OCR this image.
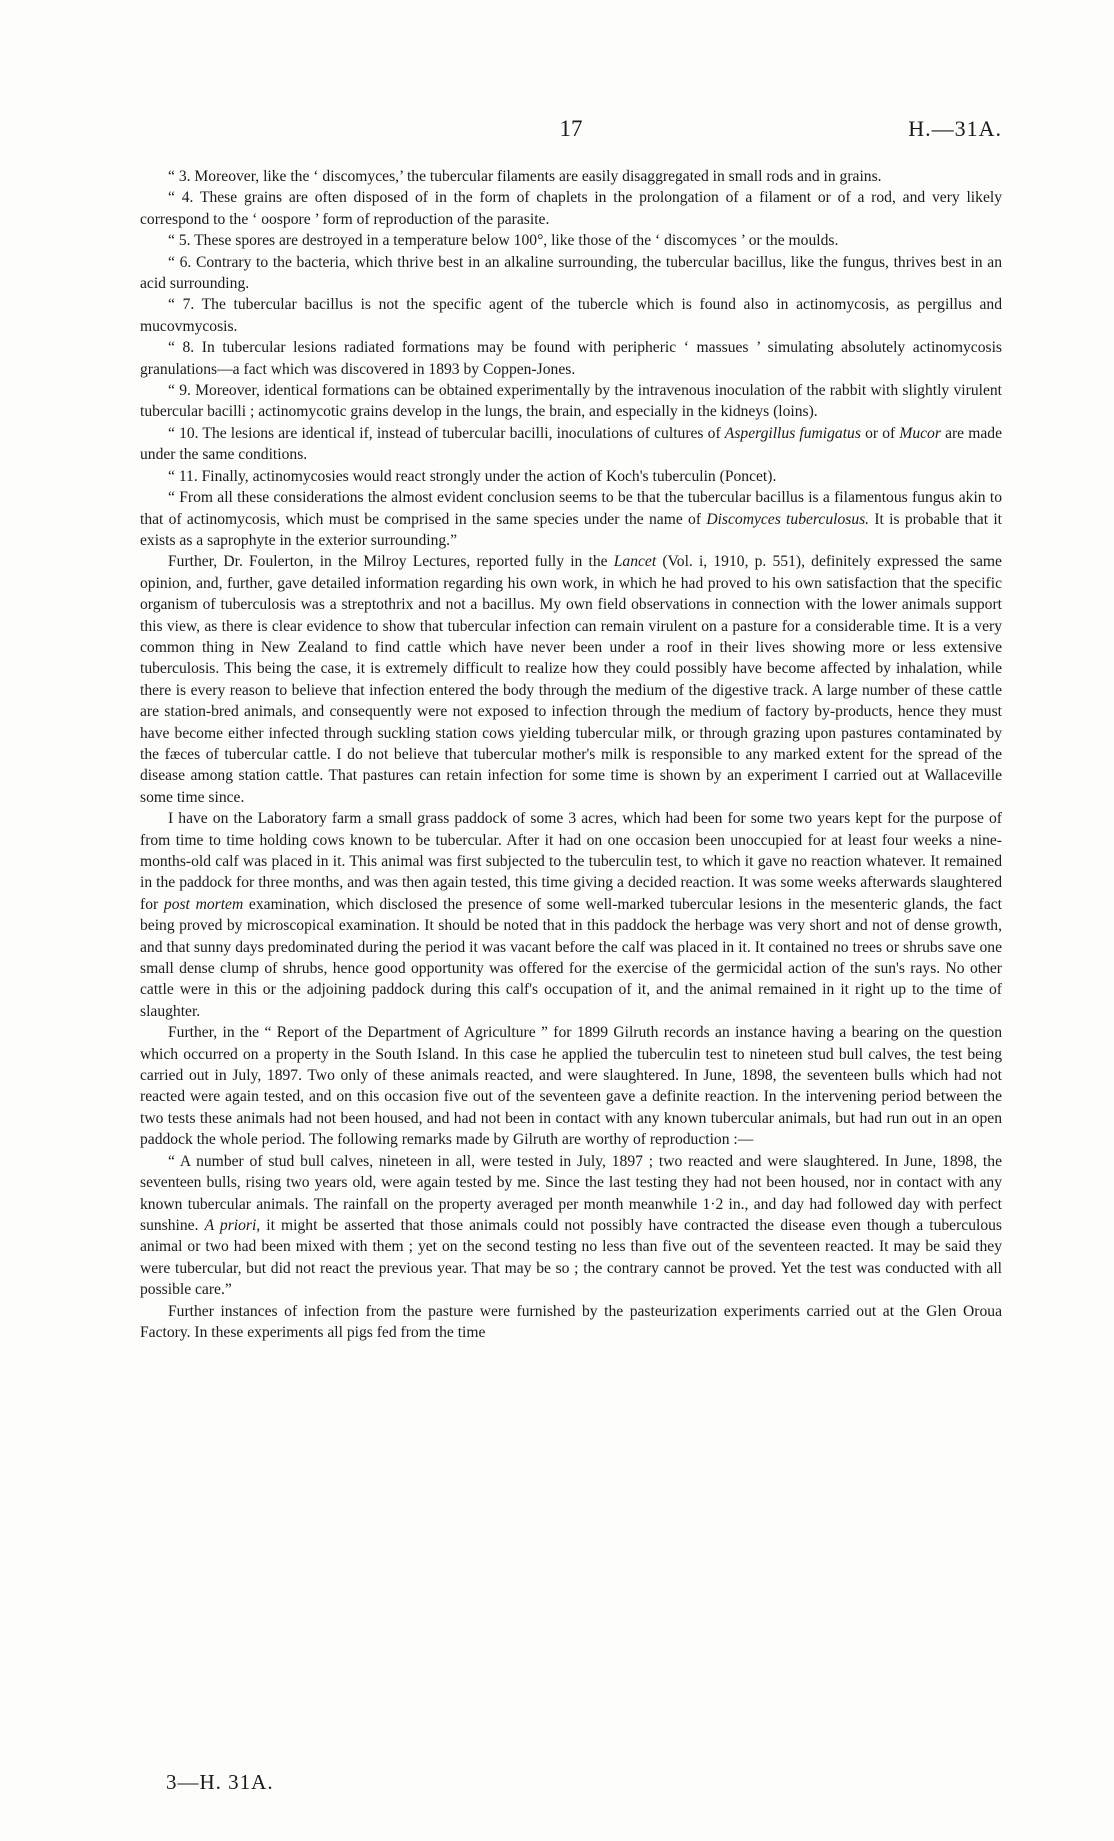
17	H.—31A.

“ 3. Moreover, like the ‘ discomyces,’ the tubercular filaments are easily disaggregated in small rods and in grains.

“ 4. These grains are often disposed of in the form of chaplets in the prolongation of a filament or of a rod, and very likely correspond to the ‘ oospore ’ form of reproduction of the parasite.

“ 5. These spores are destroyed in a temperature below 100°, like those of the ‘ discomyces ’ or the moulds.

“ 6. Contrary to the bacteria, which thrive best in an alkaline surrounding, the tubercular bacillus, like the fungus, thrives best in an acid surrounding.

“ 7. The tubercular bacillus is not the specific agent of the tubercle which is found also in actinomycosis, as pergillus and mucovmycosis.

“ 8. In tubercular lesions radiated formations may be found with peripheric ‘ massues ’ simulating absolutely actinomycosis granulations—a fact which was discovered in 1893 by Coppen-Jones.

“ 9. Moreover, identical formations can be obtained experimentally by the intravenous inoculation of the rabbit with slightly virulent tubercular bacilli ; actinomycotic grains develop in the lungs, the brain, and especially in the kidneys (loins).

“ 10. The lesions are identical if, instead of tubercular bacilli, inoculations of cultures of Aspergillus fumigatus or of Mucor are made under the same conditions.

“ 11. Finally, actinomycosies would react strongly under the action of Koch's tuberculin (Poncet).

“ From all these considerations the almost evident conclusion seems to be that the tubercular bacillus is a filamentous fungus akin to that of actinomycosis, which must be comprised in the same species under the name of Discomyces tuberculosus. It is probable that it exists as a saprophyte in the exterior surrounding.”

Further, Dr. Foulerton, in the Milroy Lectures, reported fully in the Lancet (Vol. i, 1910, p. 551), definitely expressed the same opinion, and, further, gave detailed information regarding his own work, in which he had proved to his own satisfaction that the specific organism of tuberculosis was a streptothrix and not a bacillus. My own field observations in connection with the lower animals support this view, as there is clear evidence to show that tubercular infection can remain virulent on a pasture for a considerable time. It is a very common thing in New Zealand to find cattle which have never been under a roof in their lives showing more or less extensive tuberculosis. This being the case, it is extremely difficult to realize how they could possibly have become affected by inhalation, while there is every reason to believe that infection entered the body through the medium of the digestive track. A large number of these cattle are station-bred animals, and consequently were not exposed to infection through the medium of factory by-products, hence they must have become either infected through suckling station cows yielding tubercular milk, or through grazing upon pastures contaminated by the fæces of tubercular cattle. I do not believe that tubercular mother's milk is responsible to any marked extent for the spread of the disease among station cattle. That pastures can retain infection for some time is shown by an experiment I carried out at Wallaceville some time since.

I have on the Laboratory farm a small grass paddock of some 3 acres, which had been for some two years kept for the purpose of from time to time holding cows known to be tubercular. After it had on one occasion been unoccupied for at least four weeks a nine-months-old calf was placed in it. This animal was first subjected to the tuberculin test, to which it gave no reaction whatever. It remained in the paddock for three months, and was then again tested, this time giving a decided reaction. It was some weeks afterwards slaughtered for post mortem examination, which disclosed the presence of some well-marked tubercular lesions in the mesenteric glands, the fact being proved by microscopical examination. It should be noted that in this paddock the herbage was very short and not of dense growth, and that sunny days predominated during the period it was vacant before the calf was placed in it. It contained no trees or shrubs save one small dense clump of shrubs, hence good opportunity was offered for the exercise of the germicidal action of the sun's rays. No other cattle were in this or the adjoining paddock during this calf's occupation of it, and the animal remained in it right up to the time of slaughter.

Further, in the “ Report of the Department of Agriculture ” for 1899 Gilruth records an instance having a bearing on the question which occurred on a property in the South Island. In this case he applied the tuberculin test to nineteen stud bull calves, the test being carried out in July, 1897. Two only of these animals reacted, and were slaughtered. In June, 1898, the seventeen bulls which had not reacted were again tested, and on this occasion five out of the seventeen gave a definite reaction. In the intervening period between the two tests these animals had not been housed, and had not been in contact with any known tubercular animals, but had run out in an open paddock the whole period. The following remarks made by Gilruth are worthy of reproduction :—

“ A number of stud bull calves, nineteen in all, were tested in July, 1897 ; two reacted and were slaughtered. In June, 1898, the seventeen bulls, rising two years old, were again tested by me. Since the last testing they had not been housed, nor in contact with any known tubercular animals. The rainfall on the property averaged per month meanwhile 1·2 in., and day had followed day with perfect sunshine. A priori, it might be asserted that those animals could not possibly have contracted the disease even though a tuberculous animal or two had been mixed with them ; yet on the second testing no less than five out of the seventeen reacted. It may be said they were tubercular, but did not react the previous year. That may be so ; the contrary cannot be proved. Yet the test was conducted with all possible care.”

Further instances of infection from the pasture were furnished by the pasteurization experiments carried out at the Glen Oroua Factory. In these experiments all pigs fed from the time

3—H. 31A.
